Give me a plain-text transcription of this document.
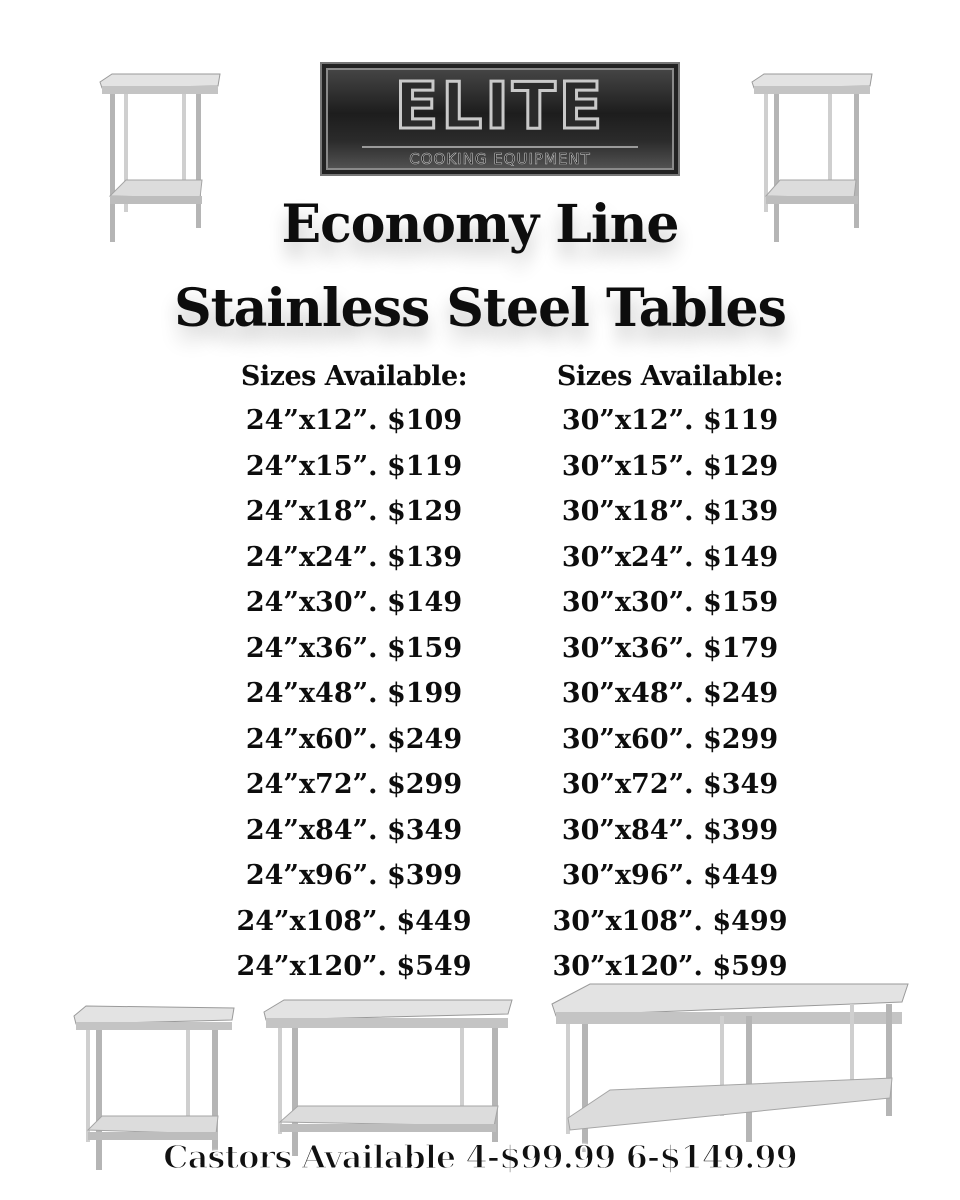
ELITE
COOKING EQUIPMENT
Economy Line
Stainless Steel Tables
Sizes Available:
24”x12”. $109
24”x15”. $119
24”x18”. $129
24”x24”. $139
24”x30”. $149
24”x36”. $159
24”x48”. $199
24”x60”. $249
24”x72”. $299
24”x84”. $349
24”x96”. $399
24”x108”. $449
24”x120”. $549
Sizes Available:
30”x12”. $119
30”x15”. $129
30”x18”. $139
30”x24”. $149
30”x30”. $159
30”x36”. $179
30”x48”. $249
30”x60”. $299
30”x72”. $349
30”x84”. $399
30”x96”. $449
30”x108”. $499
30”x120”. $599
Castors Available 4-$99.99 6-$149.99
